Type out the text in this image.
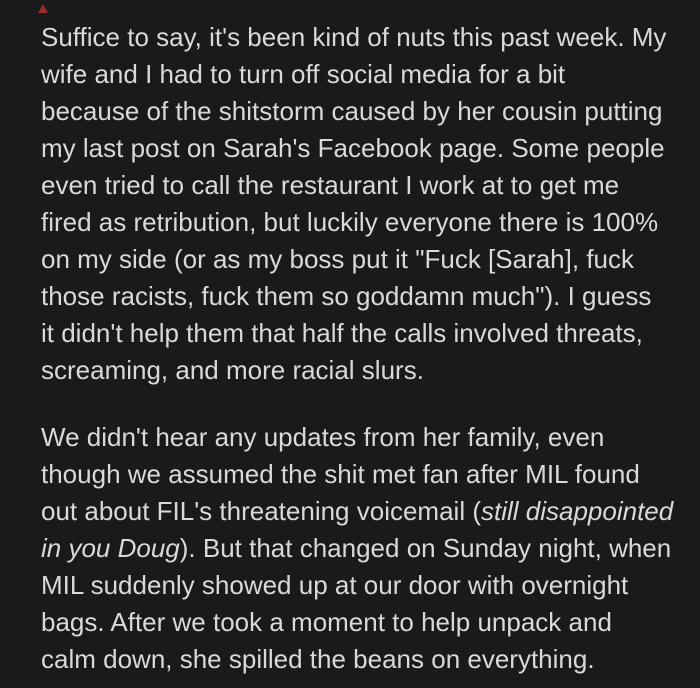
Suffice to say, it's been kind of nuts this past week. My
wife and I had to turn off social media for a bit
because of the shitstorm caused by her cousin putting
my last post on Sarah's Facebook page. Some people
even tried to call the restaurant I work at to get me
fired as retribution, but luckily everyone there is 100%
on my side (or as my boss put it "Fuck [Sarah], fuck
those racists, fuck them so goddamn much"). I guess
it didn't help them that half the calls involved threats,
screaming, and more racial slurs.
We didn't hear any updates from her family, even
though we assumed the shit met fan after MIL found
out about FIL's threatening voicemail (still disappointed
in you Doug). But that changed on Sunday night, when
MIL suddenly showed up at our door with overnight
bags. After we took a moment to help unpack and
calm down, she spilled the beans on everything.
